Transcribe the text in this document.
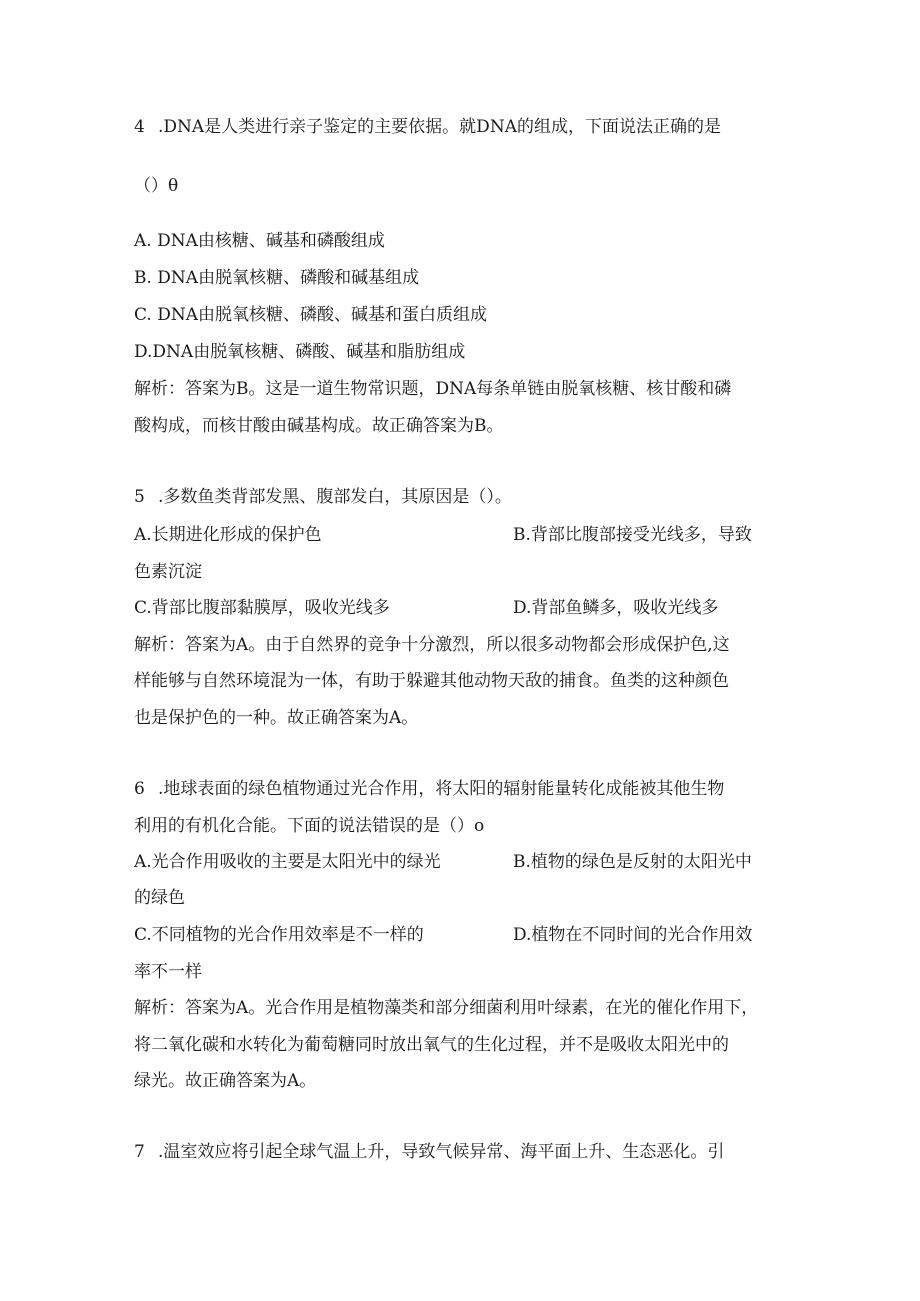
4 .DNA是人类进行亲子鉴定的主要依据。就DNA的组成，下面说法正确的是
（）θ
A. DNA由核糖、碱基和磷酸组成
B. DNA由脱氧核糖、磷酸和碱基组成
C. DNA由脱氧核糖、磷酸、碱基和蛋白质组成
D.DNA由脱氧核糖、磷酸、碱基和脂肪组成
解析：答案为B。这是一道生物常识题，DNA每条单链由脱氧核糖、核甘酸和磷
酸构成，而核甘酸由碱基构成。故正确答案为B。
5 .多数鱼类背部发黑、腹部发白，其原因是（）。
A.长期进化形成的保护色	B.背部比腹部接受光线多，导致
色素沉淀
C.背部比腹部黏膜厚，吸收光线多	D.背部鱼鳞多，吸收光线多
解析：答案为A。由于自然界的竞争十分激烈，所以很多动物都会形成保护色,这
样能够与自然环境混为一体，有助于躲避其他动物天敌的捕食。鱼类的这种颜色
也是保护色的一种。故正确答案为A。
6 .地球表面的绿色植物通过光合作用，将太阳的辐射能量转化成能被其他生物
利用的有机化合能。下面的说法错误的是（）o
A.光合作用吸收的主要是太阳光中的绿光	B.植物的绿色是反射的太阳光中
的绿色
C.不同植物的光合作用效率是不一样的	D.植物在不同时间的光合作用效
率不一样
解析：答案为A。光合作用是植物藻类和部分细菌利用叶绿素，在光的催化作用下，
将二氧化碳和水转化为葡萄糖同时放出氧气的生化过程，并不是吸收太阳光中的
绿光。故正确答案为A。
7 .温室效应将引起全球气温上升，导致气候异常、海平面上升、生态恶化。引
